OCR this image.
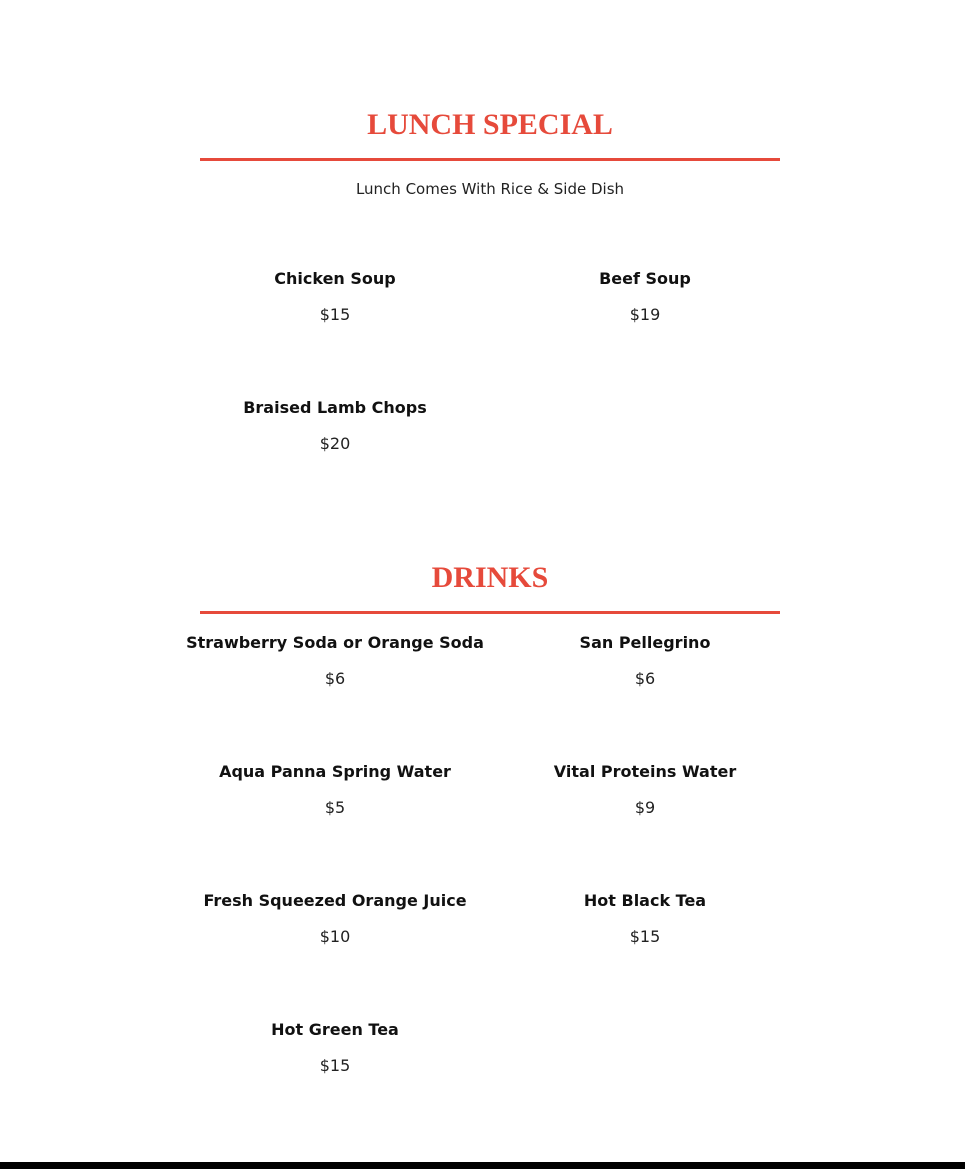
LUNCH SPECIAL
Lunch Comes With Rice & Side Dish
Chicken Soup
$15
Beef Soup
$19
Braised Lamb Chops
$20
DRINKS
Strawberry Soda or Orange Soda
$6
San Pellegrino
$6
Aqua Panna Spring Water
$5
Vital Proteins Water
$9
Fresh Squeezed Orange Juice
$10
Hot Black Tea
$15
Hot Green Tea
$15
